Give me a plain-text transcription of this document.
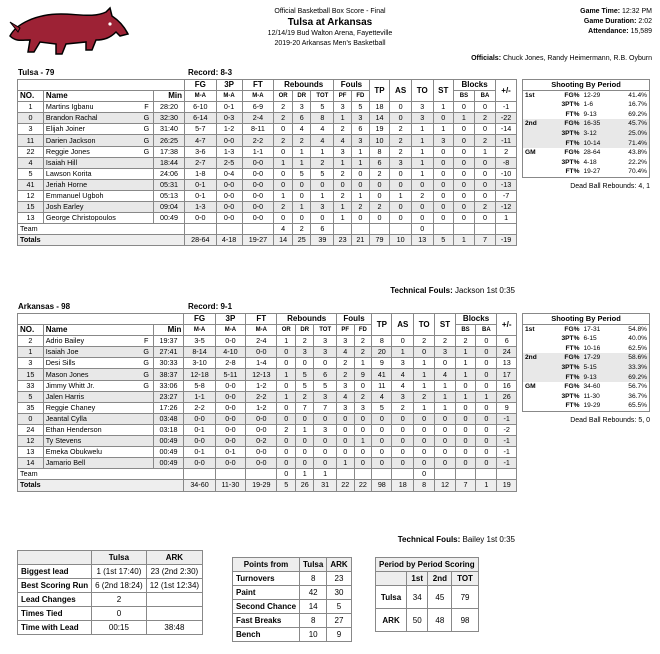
Official Basketball Box Score - Final
Tulsa at Arkansas
12/14/19 Bud Walton Arena, Fayetteville
2019-20 Arkansas Men's Basketball
Game Time: 12:32 PM
Game Duration: 2:02
Attendance: 15,589
Officials: Chuck Jones, Randy Heimermann, R.B. Oyburn
Tulsa - 79	Record: 8-3
Arkansas - 98	Record: 9-1
				FG	3P	FT	Rebounds			Fouls		TP	AS	TO	ST	Blocks		+/-
NO.	Name		Min	M-A	M-A	M-A	OR	DR	TOT	PF	FD					BS	BA	
1	Martins Igbanu	F	28:20	6-10	0-1	6-9	2	3	5	3	5	18	0	3	1	0	0	-1
0	Brandon Rachal	G	32:30	6-14	0-3	2-4	2	6	8	1	3	14	0	3	0	1	2	-22
3	Elijah Joiner	G	31:40	5-7	1-2	8-11	0	4	4	2	6	19	2	1	1	0	0	-14
11	Darien Jackson	G	26:25	4-7	0-0	2-2	2	2	4	4	3	10	2	1	3	0	2	-11
22	Reggie Jones	G	17:38	3-6	1-3	1-1	0	1	1	3	1	8	2	1	0	0	1	2
4	Isaiah Hill		18:44	2-7	2-5	0-0	1	1	2	1	1	6	3	1	0	0	0	-8
5	Lawson Korita		24:06	1-8	0-4	0-0	0	5	5	2	0	2	0	1	0	0	0	-10
41	Jeriah Horne		05:31	0-1	0-0	0-0	0	0	0	0	0	0	0	0	0	0	0	-13
12	Emmanuel Ugboh		05:13	0-1	0-0	0-0	1	0	1	2	1	0	1	2	0	0	0	-7
15	Josh Earley		09:04	1-3	0-0	0-0	2	1	3	1	2	2	0	0	0	0	2	-12
13	George Christopoulos		00:49	0-0	0-0	0-0	0	0	0	1	0	0	0	0	0	0	0	1
Team							4	2	6					0				
Totals				28-64	4-18	19-27	14	25	39	23	21	79	10	13	5	1	7	-19
				FG	3P	FT	Rebounds			Fouls		TP	AS	TO	ST	Blocks		+/-
NO.	Name		Min	M-A	M-A	M-A	OR	DR	TOT	PF	FD					BS	BA	
2	Adrio Bailey	F	19:37	3-5	0-0	2-4	1	2	3	3	2	8	0	2	2	2	0	6
1	Isaiah Joe	G	27:41	8-14	4-10	0-0	0	3	3	4	2	20	1	0	3	1	0	24
3	Desi Sills	G	30:33	3-10	2-8	1-4	0	0	0	2	1	9	3	1	0	1	0	13
15	Mason Jones	G	38:37	12-18	5-11	12-13	1	5	6	2	9	41	4	1	4	1	0	17
33	Jimmy Whitt Jr.	G	33:06	5-8	0-0	1-2	0	5	5	3	0	11	4	1	1	0	0	16
5	Jalen Harris		23:27	1-1	0-0	2-2	1	2	3	4	2	4	3	2	1	1	1	26
35	Reggie Chaney		17:26	2-2	0-0	1-2	0	7	7	3	3	5	2	1	1	0	0	9
0	Jeantal Cylla		03:48	0-0	0-0	0-0	0	0	0	0	0	0	0	0	0	0	0	-1
24	Ethan Henderson		03:18	0-1	0-0	0-0	2	1	3	0	0	0	0	0	0	0	0	-2
12	Ty Stevens		00:49	0-0	0-0	0-2	0	0	0	0	1	0	0	0	0	0	0	-1
13	Emeka Obukwelu		00:49	0-1	0-1	0-0	0	0	0	0	0	0	0	0	0	0	0	-1
14	Jamario Bell		00:49	0-0	0-0	0-0	0	0	0	1	0	0	0	0	0	0	0	-1
Team							0	1	1					0				
Totals				34-60	11-30	19-29	5	26	31	22	22	98	18	8	12	7	1	19
Technical Fouls: Jackson 1st 0:35
Technical Fouls: Bailey 1st 0:35
Shooting By Period			
1st	FG%	12-29	41.4%
	3PT%	1-6	16.7%
	FT%	9-13	69.2%
2nd	FG%	16-35	45.7%
	3PT%	3-12	25.0%
	FT%	10-14	71.4%
GM	FG%	28-64	43.8%
	3PT%	4-18	22.2%
	FT%	19-27	70.4%
Dead Ball Rebounds: 4, 1
Shooting By Period			
1st	FG%	17-31	54.8%
	3PT%	6-15	40.0%
	FT%	10-16	62.5%
2nd	FG%	17-29	58.6%
	3PT%	5-15	33.3%
	FT%	9-13	69.2%
GM	FG%	34-60	56.7%
	3PT%	11-30	36.7%
	FT%	19-29	65.5%
Dead Ball Rebounds: 5, 0
	Tulsa	ARK
Biggest lead	1 (1st 17:40)	23 (2nd 2:30)
Best Scoring Run	6 (2nd 18:24)	12 (1st 12:34)
Lead Changes	2	
Times Tied	0	
Time with Lead	00:15	38:48
Points from	Tulsa	ARK
Turnovers	8	23
Paint	42	30
Second Chance	14	5
Fast Breaks	8	27
Bench	10	9
Period by Period Scoring			
	1st	2nd	TOT
Tulsa	34	45	79
ARK	50	48	98
